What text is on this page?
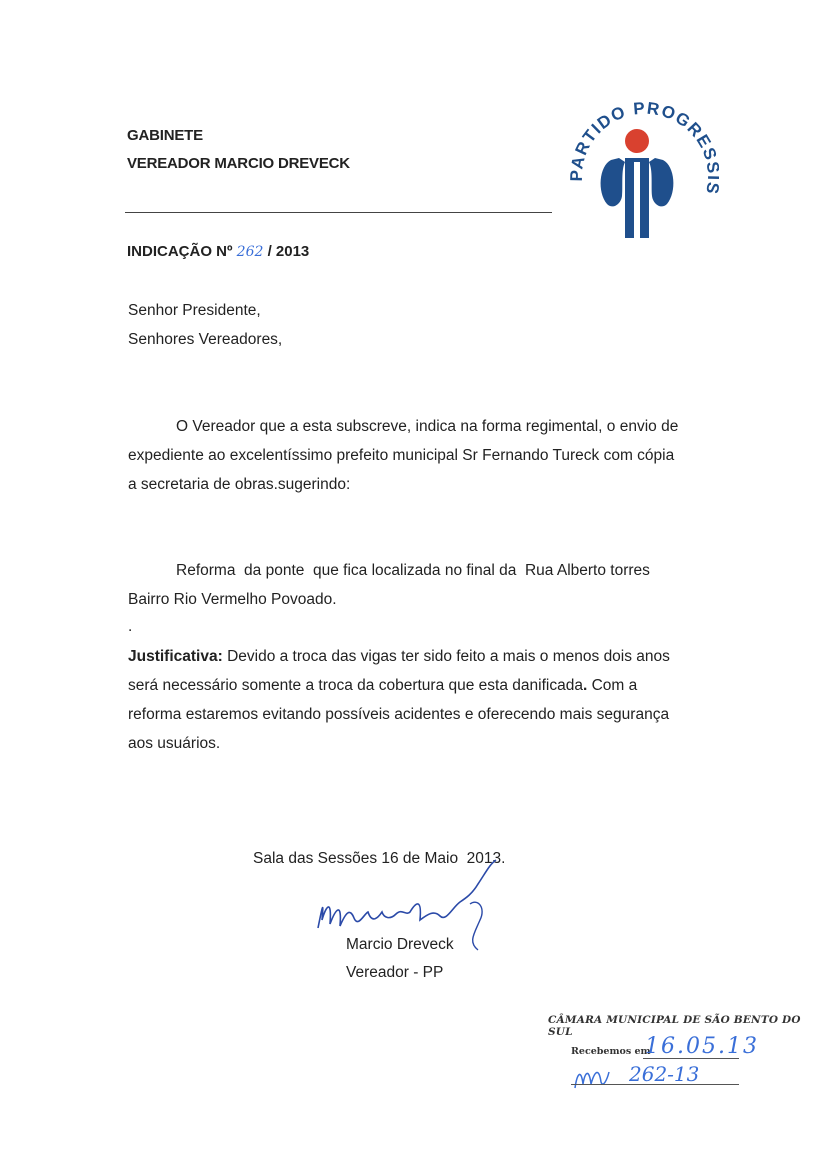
GABINETE
VEREADOR MARCIO DREVECK	ARTIDO PROGRES
INDICAÇÃO Nº 262 / 2013
Senhor Presidente,
Senhores Vereadores,
O Vereador que a esta subscreve, indica na forma regimental, o envio de
expediente ao excelentíssimo prefeito municipal Sr Fernando Tureck com cópia
a secretaria de obras.sugerindo:
Reforma  da ponte  que fica localizada no final da  Rua Alberto torres
Bairro Rio Vermelho Povoado.
.
Justificativa: Devido a troca das vigas ter sido feito a mais o menos dois anos
será necessário somente a troca da cobertura que esta danificada. Com a
reforma estaremos evitando possíveis acidentes e oferecendo mais segurança
aos usuários.
Sala das Sessões 16 de Maio  2013.
Marcio Dreveck
Vereador - PP
CÂMARA MUNICIPAL DE SÃO BENTO DO SUL
Recebemos em
16.05.13
262-13
